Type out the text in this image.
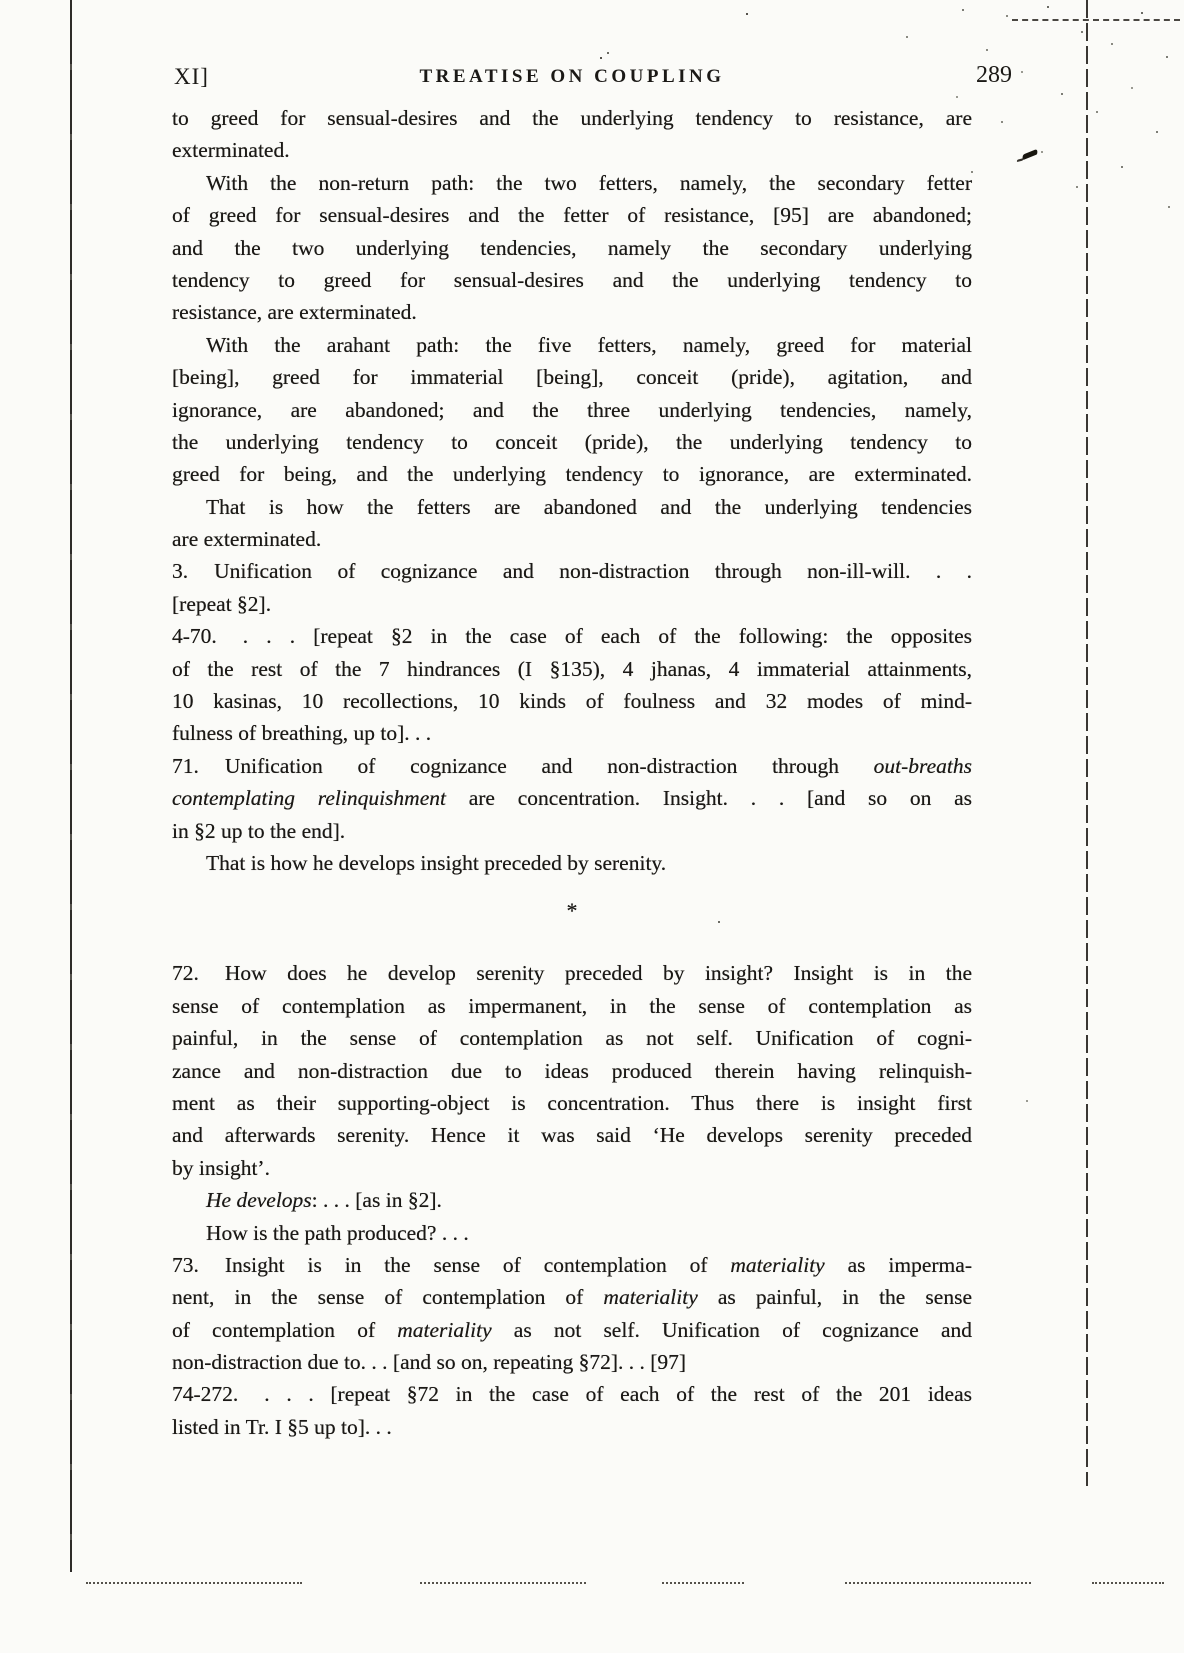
XI]	TREATISE ON COUPLING	289
to greed for sensual-desires and the underlying tendency to resistance, are
exterminated.
With the non-return path: the two fetters, namely, the secondary fetter
of greed for sensual-desires and the fetter of resistance, [95] are abandoned;
and the two underlying tendencies, namely the secondary underlying
tendency to greed for sensual-desires and the underlying tendency to
resistance, are exterminated.
With the arahant path: the five fetters, namely, greed for material
[being], greed for immaterial [being], conceit (pride), agitation, and
ignorance, are abandoned; and the three underlying tendencies, namely,
the underlying tendency to conceit (pride), the underlying tendency to
greed for being, and the underlying tendency to ignorance, are exterminated.
That is how the fetters are abandoned and the underlying tendencies
are exterminated.
3. Unification of cognizance and non-distraction through non-ill-will. . .
[repeat §2].
4-70. . . . [repeat §2 in the case of each of the following: the opposites
of the rest of the 7 hindrances (I §135), 4 jhanas, 4 immaterial attainments,
10 kasinas, 10 recollections, 10 kinds of foulness and 32 modes of mind-
fulness of breathing, up to]. . .
71. Unification of cognizance and non-distraction through out-breaths
contemplating relinquishment are concentration. Insight. . . [and so on as
in §2 up to the end].
That is how he develops insight preceded by serenity.
*
72. How does he develop serenity preceded by insight? Insight is in the
sense of contemplation as impermanent, in the sense of contemplation as
painful, in the sense of contemplation as not self. Unification of cogni-
zance and non-distraction due to ideas produced therein having relinquish-
ment as their supporting-object is concentration. Thus there is insight first
and afterwards serenity. Hence it was said ‘He develops serenity preceded
by insight’.
He develops: . . . [as in §2].
How is the path produced? . . .
73. Insight is in the sense of contemplation of materiality as imperma-
nent, in the sense of contemplation of materiality as painful, in the sense
of contemplation of materiality as not self. Unification of cognizance and
non-distraction due to. . . [and so on, repeating §72]. . . [97]
74-272. . . . [repeat §72 in the case of each of the rest of the 201 ideas
listed in Tr. I §5 up to]. . .
